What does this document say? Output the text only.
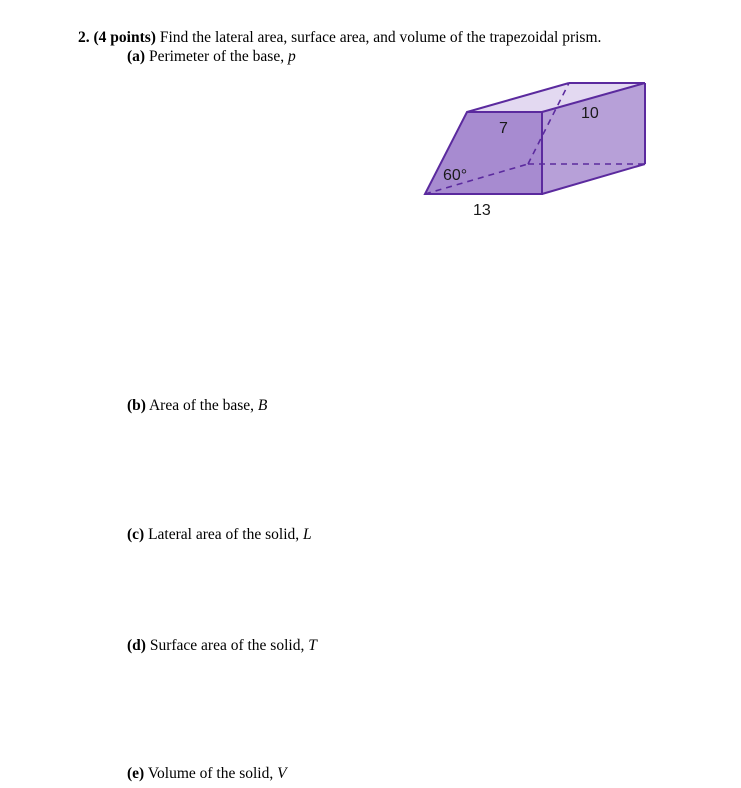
2. (4 points) Find the lateral area, surface area, and volume of the trapezoidal prism.
(a) Perimeter of the base, p
60°
7
10
13
(b) Area of the base, B
(c) Lateral area of the solid, L
(d) Surface area of the solid, T
(e) Volume of the solid, V
